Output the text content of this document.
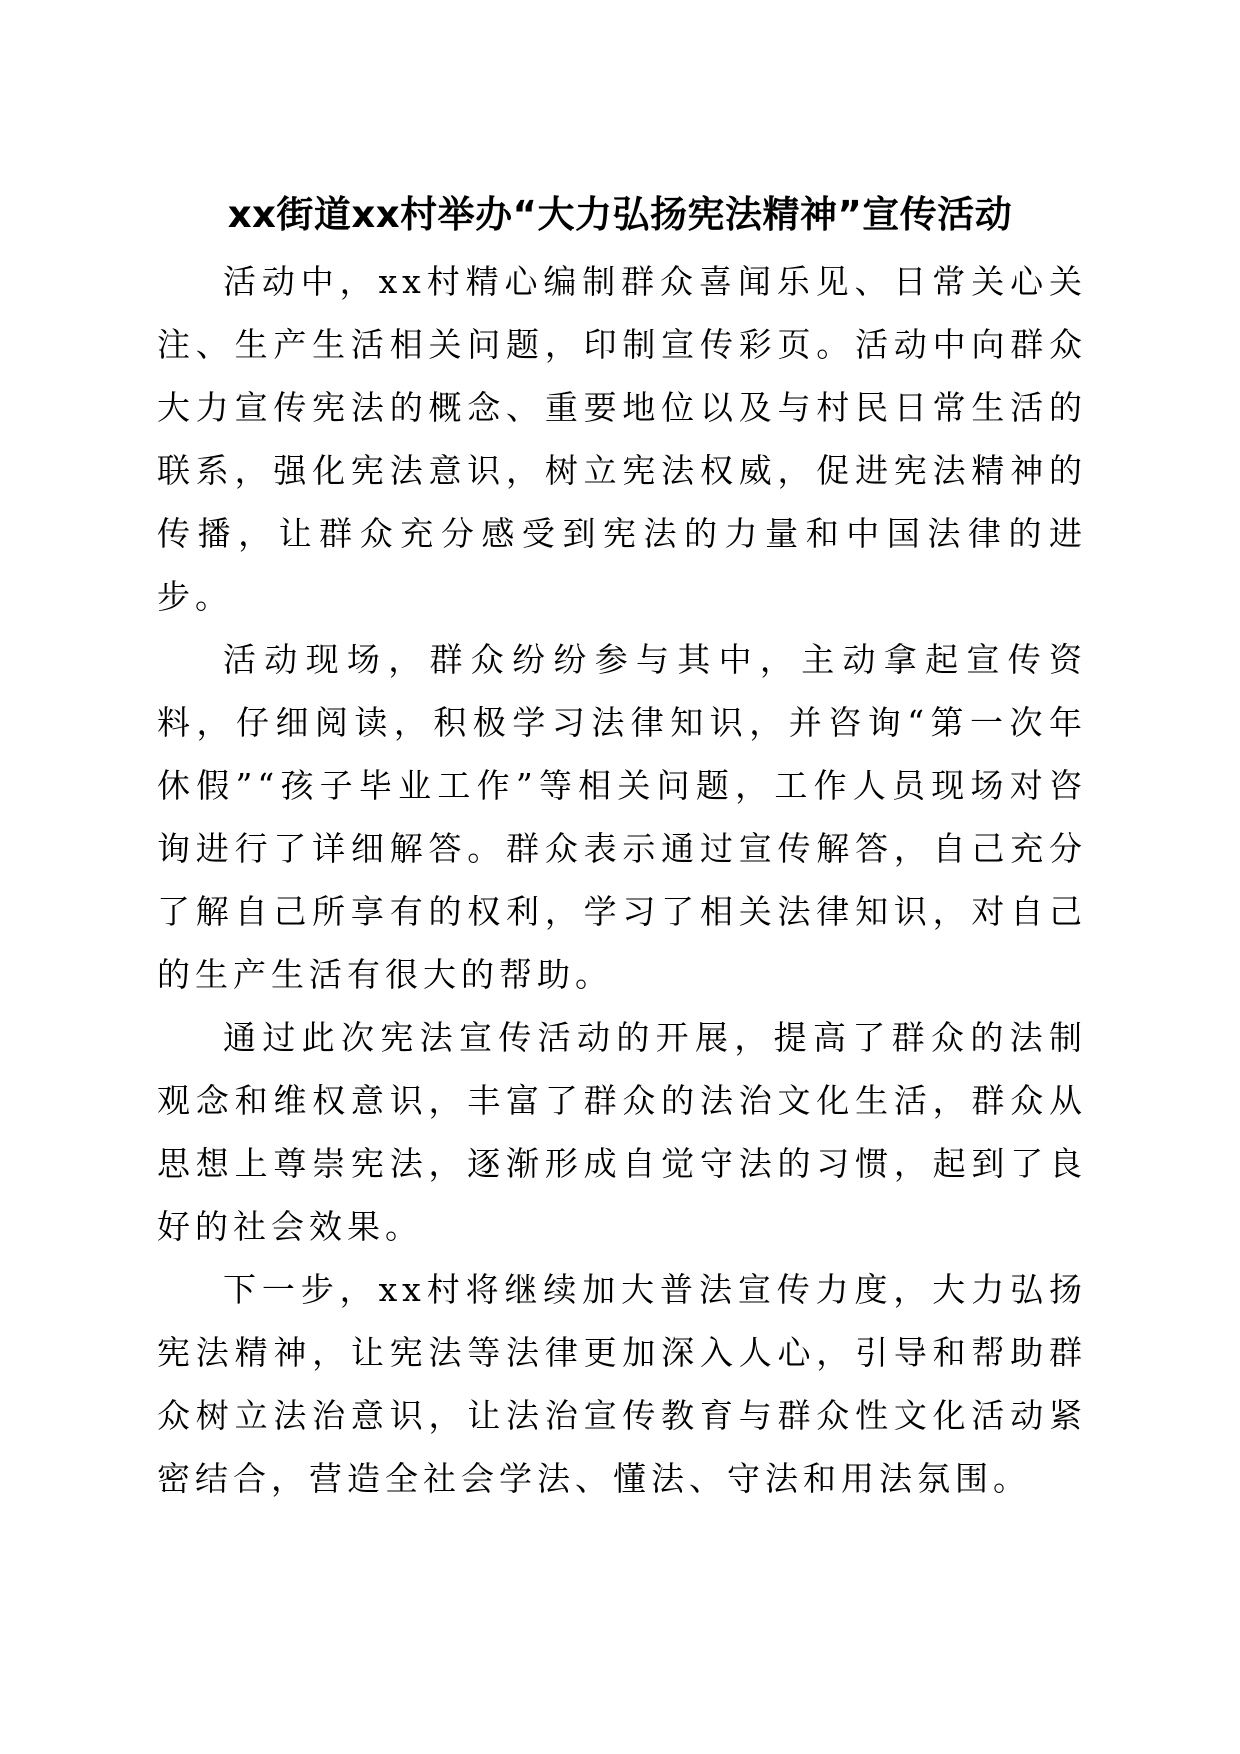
xx街道xx村举办“大力弘扬宪法精神”宣传活动

活动中，xx村精心编制群众喜闻乐见、日常关心关注、生产生活相关问题，印制宣传彩页。活动中向群众大力宣传宪法的概念、重要地位以及与村民日常生活的联系，强化宪法意识，树立宪法权威，促进宪法精神的传播，让群众充分感受到宪法的力量和中国法律的进步。

活动现场，群众纷纷参与其中，主动拿起宣传资料，仔细阅读，积极学习法律知识，并咨询“第一次年休假”“孩子毕业工作”等相关问题，工作人员现场对咨询进行了详细解答。群众表示通过宣传解答，自己充分了解自己所享有的权利，学习了相关法律知识，对自己的生产生活有很大的帮助。

通过此次宪法宣传活动的开展，提高了群众的法制观念和维权意识，丰富了群众的法治文化生活，群众从思想上尊崇宪法，逐渐形成自觉守法的习惯，起到了良好的社会效果。

下一步，xx村将继续加大普法宣传力度，大力弘扬宪法精神，让宪法等法律更加深入人心，引导和帮助群众树立法治意识，让法治宣传教育与群众性文化活动紧密结合，营造全社会学法、懂法、守法和用法氛围。
